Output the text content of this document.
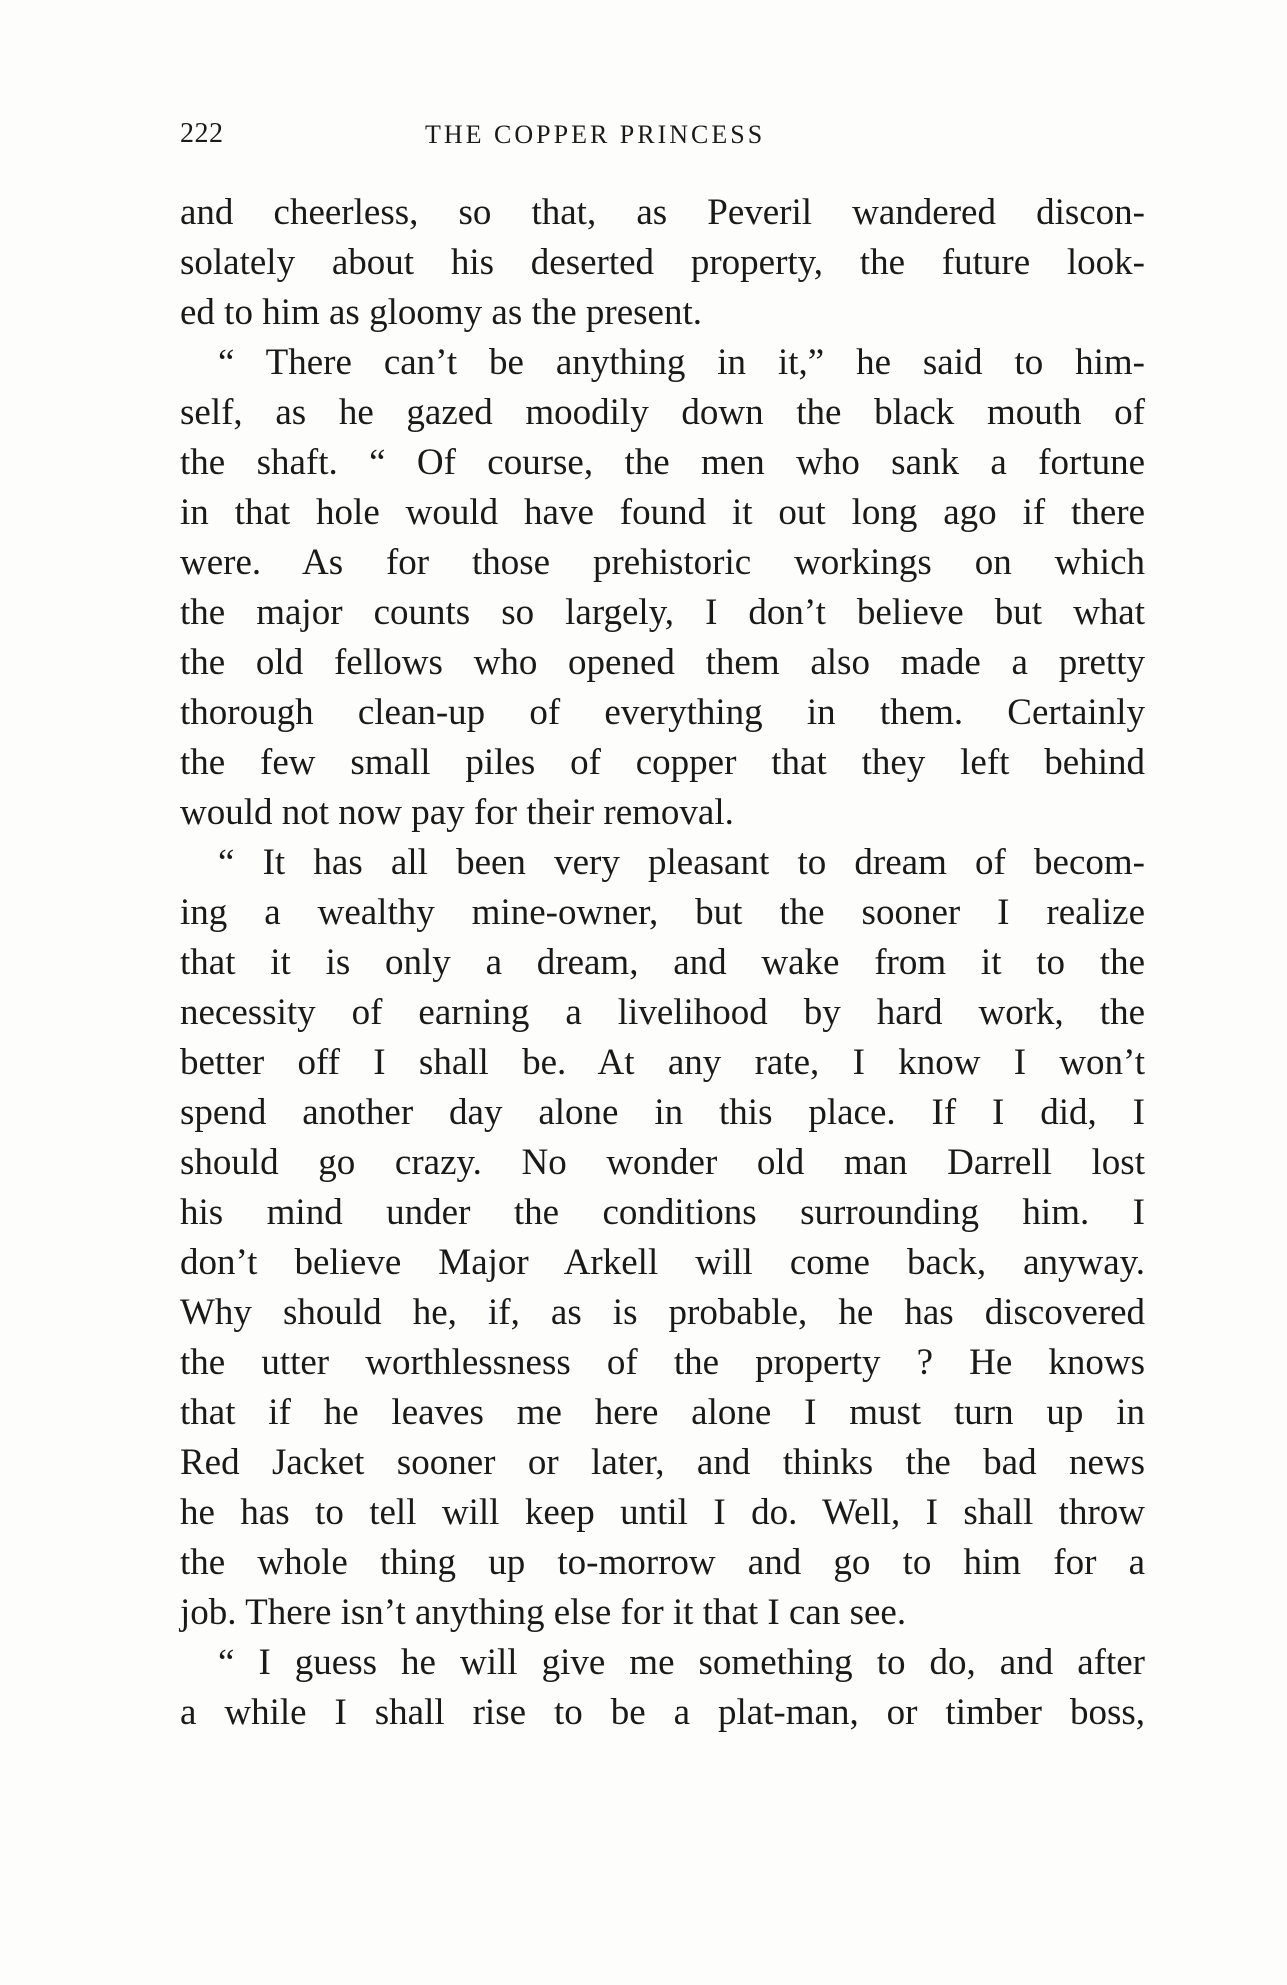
222	THE COPPER PRINCESS
and cheerless, so that, as Peveril wandered discon-
solately about his deserted property, the future look-
ed to him as gloomy as the present.
“ There can’t be anything in it,” he said to him-
self, as he gazed moodily down the black mouth of
the shaft. “ Of course, the men who sank a fortune
in that hole would have found it out long ago if there
were. As for those prehistoric workings on which
the major counts so largely, I don’t believe but what
the old fellows who opened them also made a pretty
thorough clean-up of everything in them. Certainly
the few small piles of copper that they left behind
would not now pay for their removal.
“ It has all been very pleasant to dream of becom-
ing a wealthy mine-owner, but the sooner I realize
that it is only a dream, and wake from it to the
necessity of earning a livelihood by hard work, the
better off I shall be. At any rate, I know I won’t
spend another day alone in this place. If I did, I
should go crazy. No wonder old man Darrell lost
his mind under the conditions surrounding him. I
don’t believe Major Arkell will come back, anyway.
Why should he, if, as is probable, he has discovered
the utter worthlessness of the property ? He knows
that if he leaves me here alone I must turn up in
Red Jacket sooner or later, and thinks the bad news
he has to tell will keep until I do. Well, I shall throw
the whole thing up to-morrow and go to him for a
job. There isn’t anything else for it that I can see.
“ I guess he will give me something to do, and after
a while I shall rise to be a plat-man, or timber boss,
